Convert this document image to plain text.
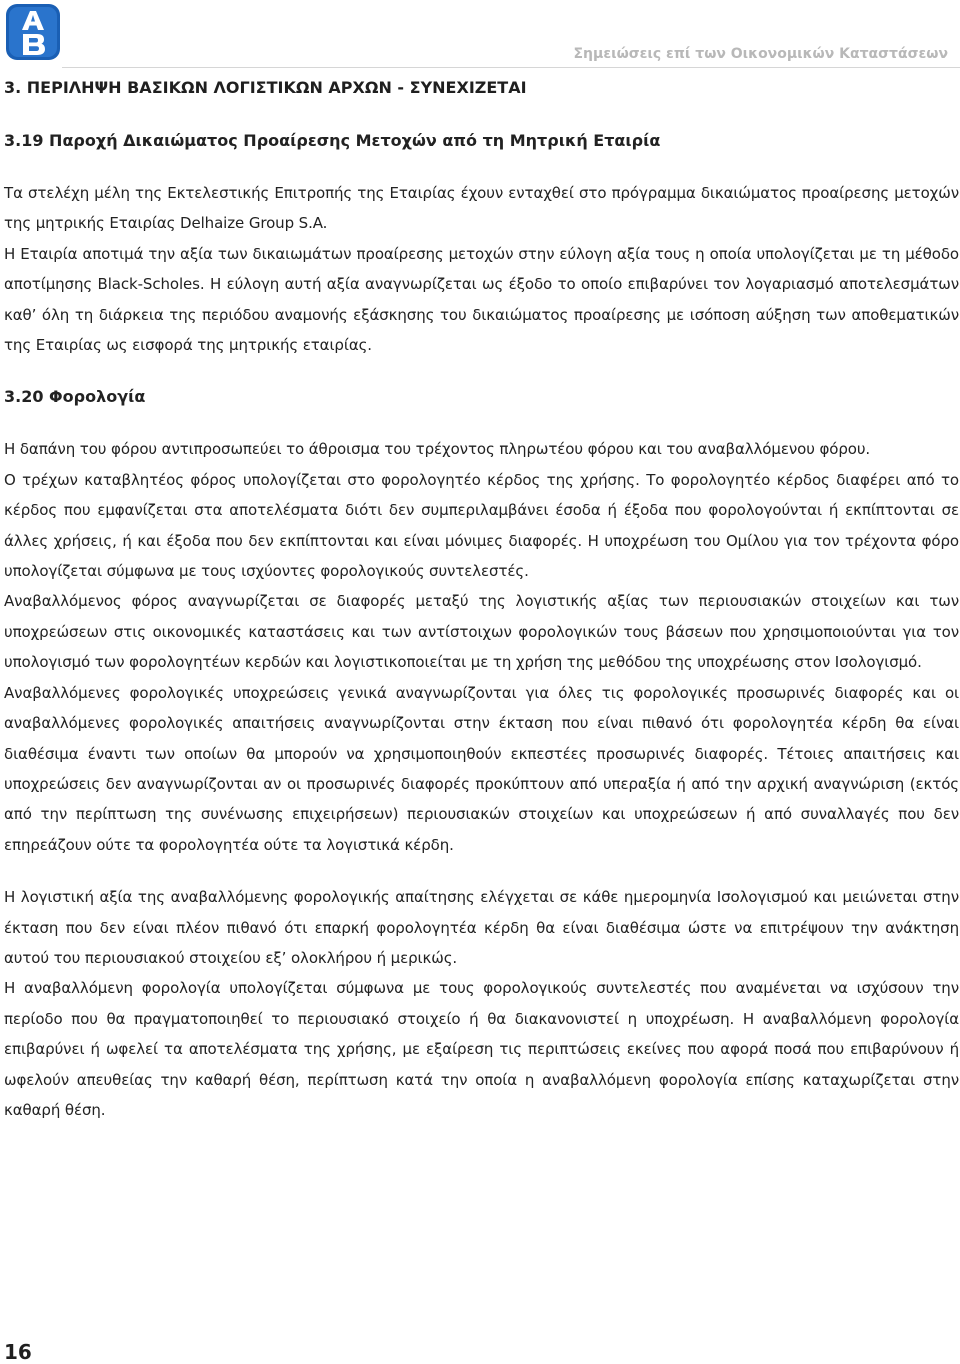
Σημειώσεις επί των Οικονομικών Καταστάσεων
3. ΠΕΡΙΛΗΨΗ ΒΑΣΙΚΩΝ ΛΟΓΙΣΤΙΚΩΝ ΑΡΧΩΝ - ΣΥΝΕΧΙΖΕΤΑΙ
3.19 Παροχή Δικαιώματος Προαίρεσης Μετοχών από τη Μητρική Εταιρία

Τα στελέχη μέλη της Εκτελεστικής Επιτροπής της Εταιρίας έχουν ενταχθεί στο πρόγραμμα δικαιώματος προαίρεσης μετοχών της μητρικής Εταιρίας Delhaize Group S.A.

Η Εταιρία αποτιμά την αξία των δικαιωμάτων προαίρεσης μετοχών στην εύλογη αξία τους η οποία υπολογίζεται με τη μέθοδο αποτίμησης Black-Scholes. Η εύλογη αυτή αξία αναγνωρίζεται ως έξοδο το οποίο επιβαρύνει τον λογαριασμό αποτελεσμάτων καθ’ όλη τη διάρκεια της περιόδου αναμονής εξάσκησης του δικαιώματος προαίρεσης με ισόποση αύξηση των αποθεματικών της Εταιρίας ως εισφορά της μητρικής εταιρίας.

3.20 Φορολογία

Η δαπάνη του φόρου αντιπροσωπεύει το άθροισμα του τρέχοντος πληρωτέου φόρου και του αναβαλλόμενου φόρου.

Ο τρέχων καταβλητέος φόρος υπολογίζεται στο φορολογητέο κέρδος της χρήσης. Το φορολογητέο κέρδος διαφέρει από το κέρδος που εμφανίζεται στα αποτελέσματα διότι δεν συμπεριλαμβάνει έσοδα ή έξοδα που φορολογούνται ή εκπίπτονται σε άλλες χρήσεις, ή και έξοδα που δεν εκπίπτονται και είναι μόνιμες διαφορές. Η υποχρέωση του Ομίλου για τον τρέχοντα φόρο υπολογίζεται σύμφωνα με τους ισχύοντες φορολογικούς συντελεστές.

Αναβαλλόμενος φόρος αναγνωρίζεται σε διαφορές μεταξύ της λογιστικής αξίας των περιουσιακών στοιχείων και των υποχρεώσεων στις οικονομικές καταστάσεις και των αντίστοιχων φορολογικών τους βάσεων που χρησιμοποιούνται για τον υπολογισμό των φορολογητέων κερδών και λογιστικοποιείται με τη χρήση της μεθόδου της υποχρέωσης στον Ισολογισμό.

Αναβαλλόμενες φορολογικές υποχρεώσεις γενικά αναγνωρίζονται για όλες τις φορολογικές προσωρινές διαφορές και οι αναβαλλόμενες φορολογικές απαιτήσεις αναγνωρίζονται στην έκταση που είναι πιθανό ότι φορολογητέα κέρδη θα είναι διαθέσιμα έναντι των οποίων θα μπορούν να χρησιμοποιηθούν εκπεστέες προσωρινές διαφορές. Τέτοιες απαιτήσεις και υποχρεώσεις δεν αναγνωρίζονται αν οι προσωρινές διαφορές προκύπτουν από υπεραξία ή από την αρχική αναγνώριση (εκτός από την περίπτωση της συνένωσης επιχειρήσεων) περιουσιακών στοιχείων και υποχρεώσεων ή από συναλλαγές που δεν επηρεάζουν ούτε τα φορολογητέα ούτε τα λογιστικά κέρδη.

Η λογιστική αξία της αναβαλλόμενης φορολογικής απαίτησης ελέγχεται σε κάθε ημερομηνία Ισολογισμού και μειώνεται στην έκταση που δεν είναι πλέον πιθανό ότι επαρκή φορολογητέα κέρδη θα είναι διαθέσιμα ώστε να επιτρέψουν την ανάκτηση αυτού του περιουσιακού στοιχείου εξ’ ολοκλήρου ή μερικώς.

Η αναβαλλόμενη φορολογία υπολογίζεται σύμφωνα με τους φορολογικούς συντελεστές που αναμένεται να ισχύσουν την περίοδο που θα πραγματοποιηθεί το περιουσιακό στοιχείο ή θα διακανονιστεί η υποχρέωση. Η αναβαλλόμενη φορολογία επιβαρύνει ή ωφελεί τα αποτελέσματα της χρήσης, με εξαίρεση τις περιπτώσεις εκείνες που αφορά ποσά που επιβαρύνουν ή ωφελούν απευθείας την καθαρή θέση, περίπτωση κατά την οποία η αναβαλλόμενη φορολογία επίσης καταχωρίζεται στην καθαρή θέση.

16
